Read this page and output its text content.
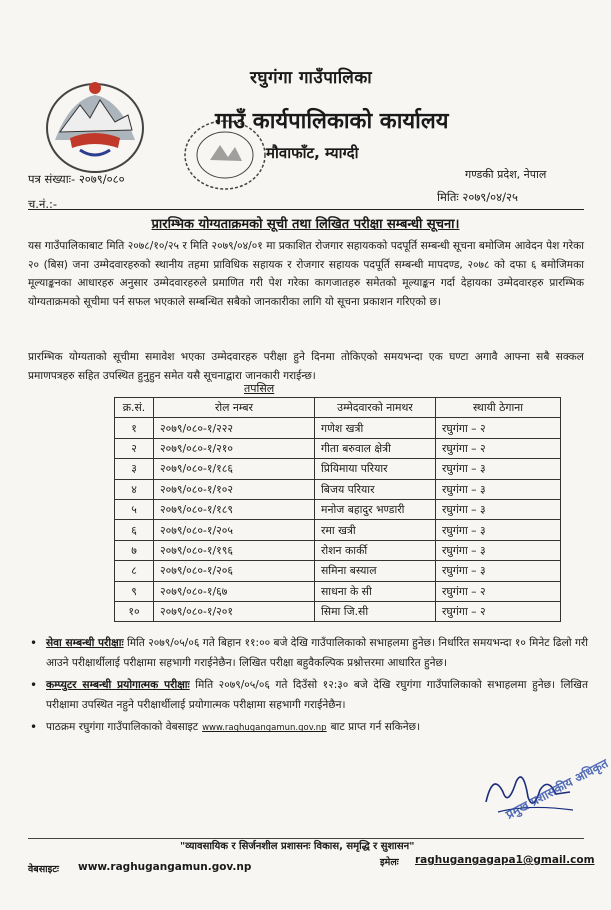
रघुगंगा गाउँपालिका
गाउँ कार्यपालिकाको कार्यालय
मौवाफाँट, म्याग्दी
गण्डकी प्रदेश, नेपाल
पत्र संख्याः- २०७९/०८०
च.नं.:-	मितिः २०७९/०४/२५
प्रारम्भिक योग्यताक्रमको सूची तथा लिखित परीक्षा सम्बन्धी सूचना।
यस गाउँपालिकाबाट मिति २०७८/१०/२५ र मिति २०७९/०४/०१ मा प्रकाशित रोजगार सहायकको पदपूर्ति सम्बन्धी सूचना बमोजिम आवेदन पेश गरेका २० (बिस) जना उम्मेदवारहरुको स्थानीय तहमा प्राविधिक सहायक र रोजगार सहायक पदपूर्ति सम्बन्धी मापदण्ड, २०७८ को दफा ६ बमोजिमका मूल्याङ्कनका आधारहरु अनुसार उम्मेदवारहरुले प्रमाणित गरी पेश गरेका कागजातहरु समेतको मूल्याङ्कन गर्दा देहायका उम्मेदवारहरु प्रारम्भिक योग्यताक्रमको सूचीमा पर्न सफल भएकाले सम्बन्धित सबैको जानकारीका लागि यो सूचना प्रकाशन गरिएको छ।
प्रारम्भिक योग्यताको सूचीमा समावेश भएका उम्मेदवारहरु परीक्षा हुने दिनमा तोकिएको समयभन्दा एक घण्टा अगावै आफ्ना सबै सक्कल प्रमाणपत्रहरु सहित उपस्थित हुनुहुन समेत यसै सूचनाद्वारा जानकारी गराईन्छ।
तपसिल
क्र.सं.	रोल नम्बर	उम्मेदवारको नामथर	स्थायी ठेगाना
१	२०७९/०८०-१/२२२	गणेश खत्री	रघुगंगा – २
२	२०७९/०८०-१/२१०	गीता बरुवाल क्षेत्री	रघुगंगा – २
३	२०७९/०८०-१/१८६	प्रियिमाया परियार	रघुगंगा – ३
४	२०७९/०८०-१/१०२	बिजय परियार	रघुगंगा – ३
५	२०७९/०८०-१/१८९	मनोज बहादुर भण्डारी	रघुगंगा – ३
६	२०७९/०८०-१/२०५	रमा खत्री	रघुगंगा – ३
७	२०७९/०८०-१/१९६	रोशन कार्की	रघुगंगा – ३
८	२०७९/०८०-१/२०६	समिना बस्याल	रघुगंगा – ३
९	२०७९/०८०-१/६७	साधना के सी	रघुगंगा – २
१०	२०७९/०८०-१/२०१	सिमा जि.सी	रघुगंगा – २
• सेवा सम्बन्धी परीक्षाः मिति २०७९/०५/०६ गते बिहान ११:०० बजे देखि गाउँपालिकाको सभाहलमा हुनेछ। निर्धारित समयभन्दा १० मिनेट ढिलो गरी आउने परीक्षार्थीलाई परीक्षामा सहभागी गराईनेछैन। लिखित परीक्षा बहुवैकल्पिक प्रश्नोत्तरमा आधारित हुनेछ।
• कम्प्युटर सम्बन्धी प्रयोगात्मक परीक्षाः मिति २०७९/०५/०६ गते दिउँसो १२:३० बजे देखि रघुगंगा गाउँपालिकाको सभाहलमा हुनेछ। लिखित परीक्षामा उपस्थित नहुने परीक्षार्थीलाई प्रयोगात्मक परीक्षामा सहभागी गराईनेछैन।
• पाठक्रम रघुगंगा गाउँपालिकाको वेबसाइट www.raghugangamun.gov.np बाट प्राप्त गर्न सकिनेछ।
प्रमुख प्रशासकीय अधिकृत
"व्यावसायिक र सिर्जनशील प्रशासनः विकास, समृद्धि र सुशासन"
इमेलः raghugangagapa1@gmail.com
वेबसाइटः www.raghugangamun.gov.np
